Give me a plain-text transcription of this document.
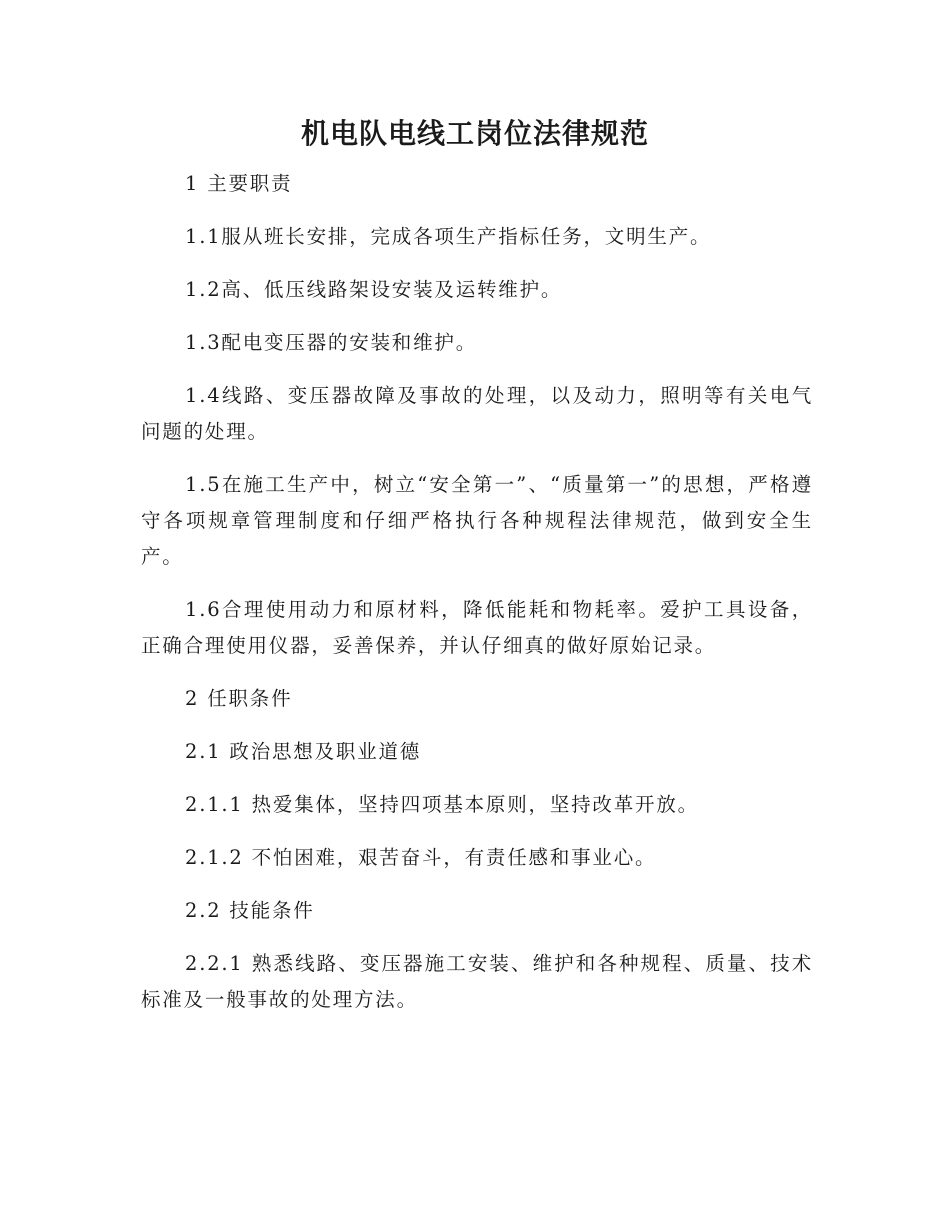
机电队电线工岗位法律规范

1 主要职责

1.1服从班长安排，完成各项生产指标任务，文明生产。

1.2高、低压线路架设安装及运转维护。

1.3配电变压器的安装和维护。

1.4线路、变压器故障及事故的处理，以及动力，照明等有关电气问题的处理。

1.5在施工生产中，树立“安全第一”、“质量第一”的思想，严格遵守各项规章管理制度和仔细严格执行各种规程法律规范，做到安全生产。

1.6合理使用动力和原材料，降低能耗和物耗率。爱护工具设备，正确合理使用仪器，妥善保养，并认仔细真的做好原始记录。

2 任职条件

2.1 政治思想及职业道德

2.1.1 热爱集体，坚持四项基本原则，坚持改革开放。

2.1.2 不怕困难，艰苦奋斗，有责任感和事业心。

2.2 技能条件

2.2.1 熟悉线路、变压器施工安装、维护和各种规程、质量、技术标准及一般事故的处理方法。
